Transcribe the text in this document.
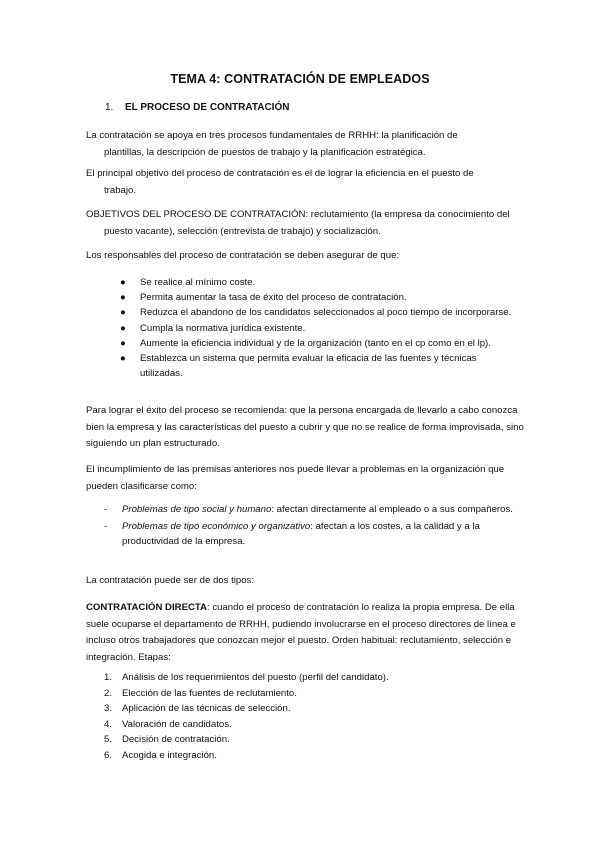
TEMA 4: CONTRATACIÓN DE EMPLEADOS
1. EL PROCESO DE CONTRATACIÓN
La contratación se apoya en tres procesos fundamentales de RRHH: la planificación de
plantillas, la descripción de puestos de trabajo y la planificación estratégica.
El principal objetivo del proceso de contratación es el de lograr la eficiencia en el puesto de
trabajo.
OBJETIVOS DEL PROCESO DE CONTRATACIÓN: reclutamiento (la empresa da conocimiento del
puesto vacante), selección (entrevista de trabajo) y socialización.
Los responsables del proceso de contratación se deben asegurar de que:
● Se realice al mínimo coste.
● Permita aumentar la tasa de éxito del proceso de contratación.
● Reduzca el abandono de los candidatos seleccionados al poco tiempo de incorporarse.
● Cumpla la normativa jurídica existente.
● Aumente la eficiencia individual y de la organización (tanto en el cp como en el lp).
● Establezca un sistema que permita evaluar la eficacia de las fuentes y técnicas utilizadas.
Para lograr el éxito del proceso se recomienda: que la persona encargada de llevarlo a cabo conozca bien la empresa y las características del puesto a cubrir y que no se realice de forma improvisada, sino siguiendo un plan estructurado.
El incumplimiento de las premisas anteriores nos puede llevar a problemas en la organización que pueden clasificarse como:
- Problemas de tipo social y humano: afectan directamente al empleado o a sus compañeros.
- Problemas de tipo económico y organizativo: afectan a los costes, a la calidad y a la productividad de la empresa.
La contratación puede ser de dos tipos:
CONTRATACIÓN DIRECTA: cuando el proceso de contratación lo realiza la propia empresa. De ella suele ocuparse el departamento de RRHH, pudiendo involucrarse en el proceso directores de línea e incluso otros trabajadores que conozcan mejor el puesto. Orden habitual: reclutamiento, selección e integración. Etapas:
1. Análisis de los requerimientos del puesto (perfil del candidato).
2. Elección de las fuentes de reclutamiento.
3. Aplicación de las técnicas de selección.
4. Valoración de candidatos.
5. Decisión de contratación.
6. Acogida e integración.
